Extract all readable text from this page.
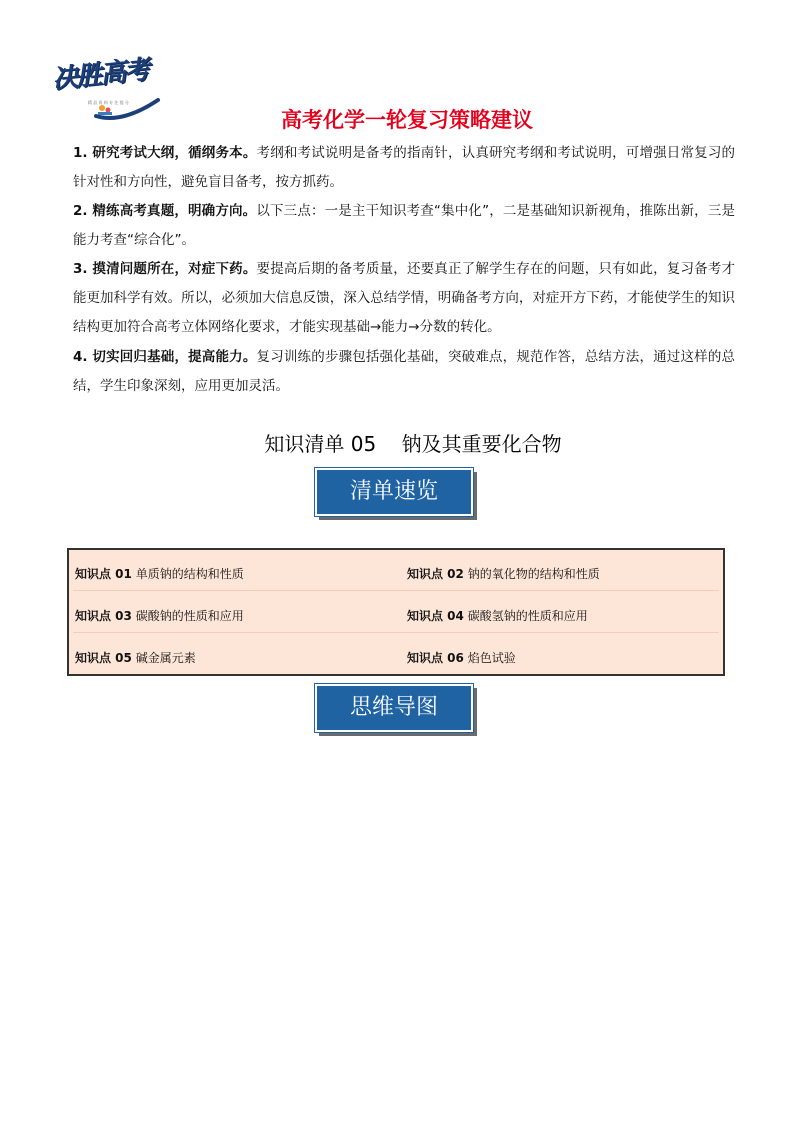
决胜高考
精 品 资 料 专 注 提 分
高考化学一轮复习策略建议
1. 研究考试大纲，循纲务本。考纲和考试说明是备考的指南针，认真研究考纲和考试说明，可增强日常复习的针对性和方向性，避免盲目备考，按方抓药。
2. 精练高考真题，明确方向。以下三点：一是主干知识考查“集中化”，二是基础知识新视角，推陈出新，三是能力考查“综合化”。
3. 摸清问题所在，对症下药。要提高后期的备考质量，还要真正了解学生存在的问题，只有如此，复习备考才能更加科学有效。所以，必须加大信息反馈，深入总结学情，明确备考方向，对症开方下药，才能使学生的知识结构更加符合高考立体网络化要求，才能实现基础→能力→分数的转化。
4. 切实回归基础，提高能力。复习训练的步骤包括强化基础，突破难点，规范作答，总结方法，通过这样的总结，学生印象深刻，应用更加灵活。
知识清单 05    钠及其重要化合物
清单速览
知识点 01 单质钠的结构和性质	知识点 02 钠的氧化物的结构和性质
知识点 03 碳酸钠的性质和应用	知识点 04 碳酸氢钠的性质和应用
知识点 05 碱金属元素	知识点 06 焰色试验
思维导图
